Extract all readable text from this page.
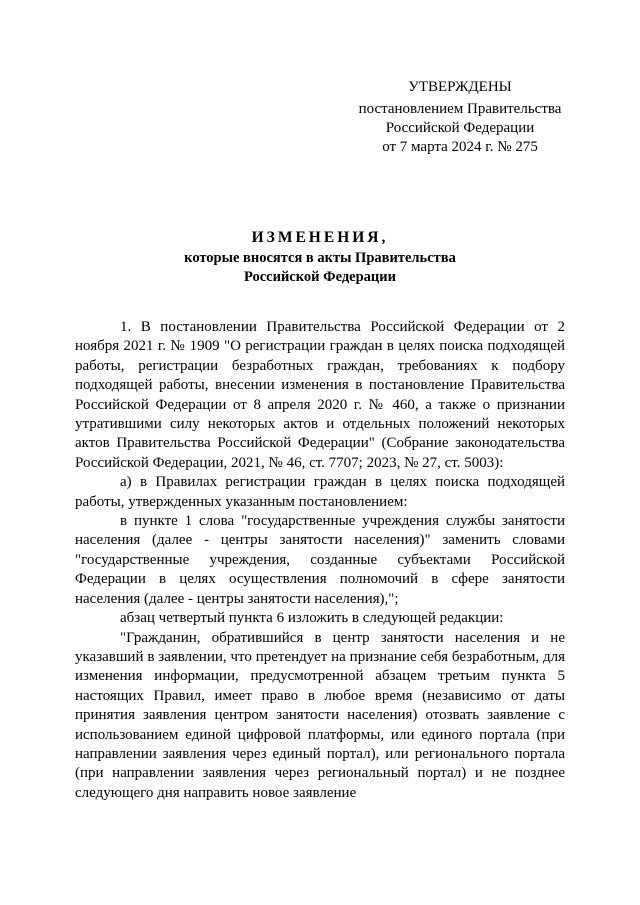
УТВЕРЖДЕНЫ
постановлением Правительства
Российской Федерации
от 7 марта 2024 г. № 275
ИЗМЕНЕНИЯ,
которые вносятся в акты Правительства
Российской Федерации

1. В постановлении Правительства Российской Федерации от 2 ноября 2021 г. № 1909 "О регистрации граждан в целях поиска подходящей работы, регистрации безработных граждан, требованиях к подбору подходящей работы, внесении изменения в постановление Правительства Российской Федерации от 8 апреля 2020 г. № 460, а также о признании утратившими силу некоторых актов и отдельных положений некоторых актов Правительства Российской Федерации" (Собрание законодательства Российской Федерации, 2021, № 46, ст. 7707; 2023, № 27, ст. 5003):

а) в Правилах регистрации граждан в целях поиска подходящей работы, утвержденных указанным постановлением:

в пункте 1 слова "государственные учреждения службы занятости населения (далее - центры занятости населения)" заменить словами "государственные учреждения, созданные субъектами Российской Федерации в целях осуществления полномочий в сфере занятости населения (далее - центры занятости населения),";

абзац четвертый пункта 6 изложить в следующей редакции:

"Гражданин, обратившийся в центр занятости населения и не указавший в заявлении, что претендует на признание себя безработным, для изменения информации, предусмотренной абзацем третьим пункта 5 настоящих Правил, имеет право в любое время (независимо от даты принятия заявления центром занятости населения) отозвать заявление с использованием единой цифровой платформы, или единого портала (при направлении заявления через единый портал), или регионального портала (при направлении заявления через региональный портал) и не позднее следующего дня направить новое заявление
